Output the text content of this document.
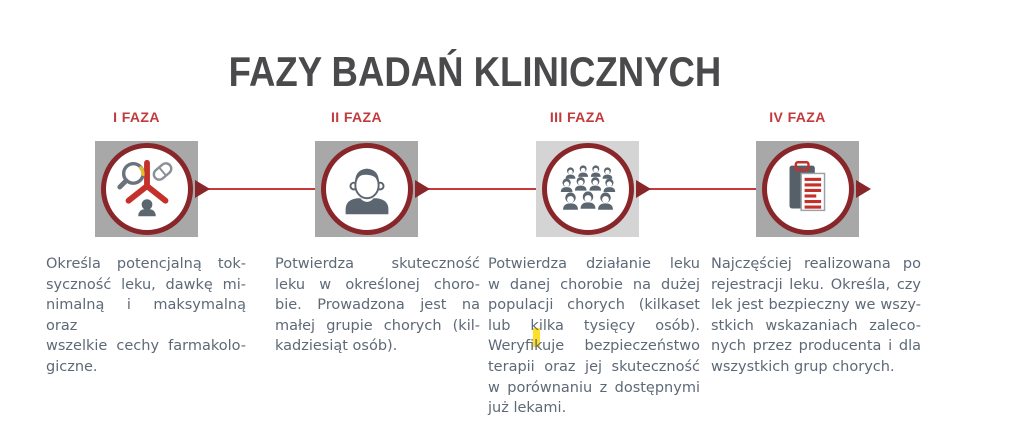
FAZY BADAŃ KLINICZNYCH
I FAZA	II FAZA	III FAZA	IV FAZA
Określa potencjalną tok-
syczność leku, dawkę mi-
nimalną i maksymalną oraz
wszelkie cechy farmakolo-
giczne.
Potwierdza skuteczność
leku w określonej choro-
bie. Prowadzona jest na
małej grupie chorych (kil-
kadziesiąt osób).
Potwierdza działanie leku
w danej chorobie na dużej
populacji chorych (kilkaset
lub kilka tysięcy osób).
Weryfikuje bezpieczeństwo
terapii oraz jej skuteczność
w porównaniu z dostępnymi
już lekami.
Najczęściej realizowana po
rejestracji leku. Określa, czy
lek jest bezpieczny we wszy-
stkich wskazaniach zaleco-
nych przez producenta i dla
wszystkich grup chorych.
